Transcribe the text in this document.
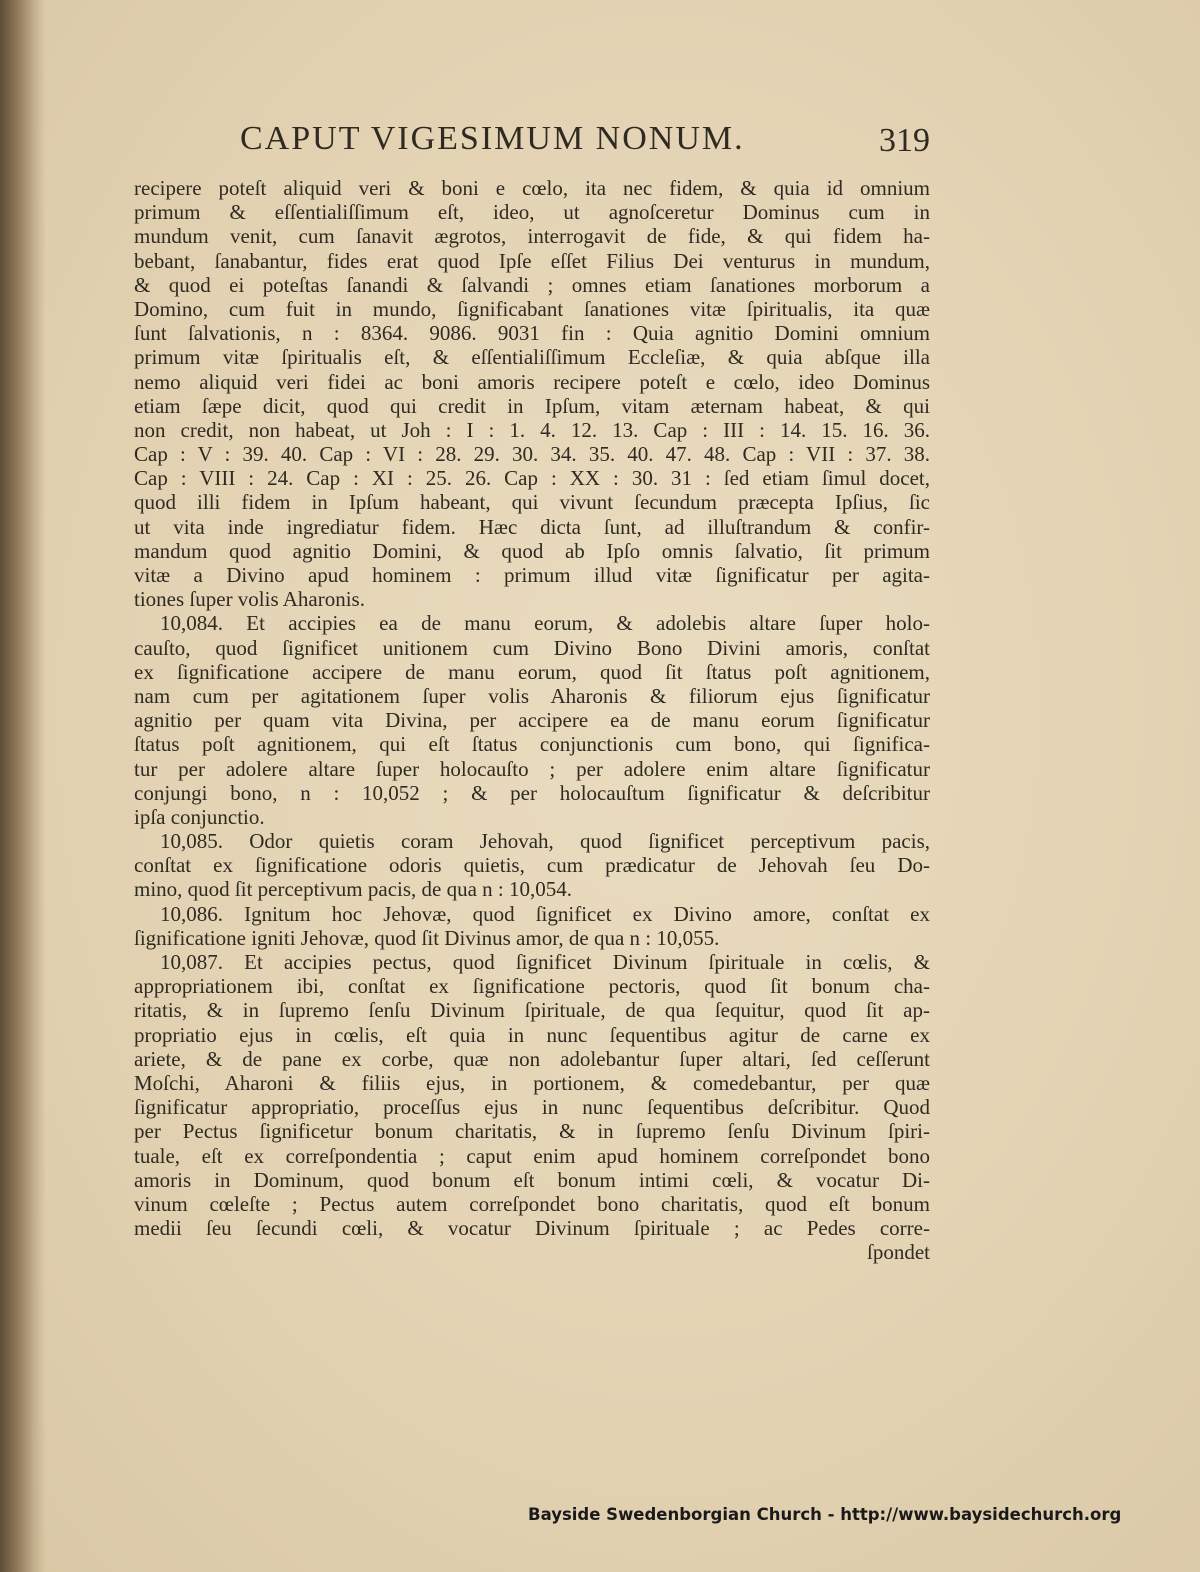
CAPUT VIGESIMUM NONUM.	319
recipere poteſt aliquid veri & boni e cœlo, ita nec fidem, & quia id omnium
primum & eſſentialiſſimum eſt, ideo, ut agnoſceretur Dominus cum in
mundum venit, cum ſanavit ægrotos, interrogavit de fide, & qui fidem ha-
bebant, ſanabantur, fides erat quod Ipſe eſſet Filius Dei venturus in mundum,
& quod ei poteſtas ſanandi & ſalvandi ; omnes etiam ſanationes morborum a
Domino, cum fuit in mundo, ſignificabant ſanationes vitæ ſpiritualis, ita quæ
ſunt ſalvationis, n : 8364. 9086. 9031 fin : Quia agnitio Domini omnium
primum vitæ ſpiritualis eſt, & eſſentialiſſimum Eccleſiæ, & quia abſque illa
nemo aliquid veri fidei ac boni amoris recipere poteſt e cœlo, ideo Dominus
etiam ſæpe dicit, quod qui credit in Ipſum, vitam æternam habeat, & qui
non credit, non habeat, ut Joh : I : 1. 4. 12. 13. Cap : III : 14. 15. 16. 36.
Cap : V : 39. 40. Cap : VI : 28. 29. 30. 34. 35. 40. 47. 48. Cap : VII : 37. 38.
Cap : VIII : 24. Cap : XI : 25. 26. Cap : XX : 30. 31 : ſed etiam ſimul docet,
quod illi fidem in Ipſum habeant, qui vivunt ſecundum præcepta Ipſius, ſic
ut vita inde ingrediatur fidem. Hæc dicta ſunt, ad illuſtrandum & confir-
mandum quod agnitio Domini, & quod ab Ipſo omnis ſalvatio, ſit primum
vitæ a Divino apud hominem : primum illud vitæ ſignificatur per agita-
tiones ſuper volis Aharonis.
10,084. Et accipies ea de manu eorum, & adolebis altare ſuper holo-
cauſto, quod ſignificet unitionem cum Divino Bono Divini amoris, conſtat
ex ſignificatione accipere de manu eorum, quod ſit ſtatus poſt agnitionem,
nam cum per agitationem ſuper volis Aharonis & filiorum ejus ſignificatur
agnitio per quam vita Divina, per accipere ea de manu eorum ſignificatur
ſtatus poſt agnitionem, qui eſt ſtatus conjunctionis cum bono, qui ſignifica-
tur per adolere altare ſuper holocauſto ; per adolere enim altare ſignificatur
conjungi bono, n : 10,052 ; & per holocauſtum ſignificatur & deſcribitur
ipſa conjunctio.
10,085. Odor quietis coram Jehovah, quod ſignificet perceptivum pacis,
conſtat ex ſignificatione odoris quietis, cum prædicatur de Jehovah ſeu Do-
mino, quod ſit perceptivum pacis, de qua n : 10,054.
10,086. Ignitum hoc Jehovæ, quod ſignificet ex Divino amore, conſtat ex
ſignificatione igniti Jehovæ, quod ſit Divinus amor, de qua n : 10,055.
10,087. Et accipies pectus, quod ſignificet Divinum ſpirituale in cœlis, &
appropriationem ibi, conſtat ex ſignificatione pectoris, quod ſit bonum cha-
ritatis, & in ſupremo ſenſu Divinum ſpirituale, de qua ſequitur, quod ſit ap-
propriatio ejus in cœlis, eſt quia in nunc ſequentibus agitur de carne ex
ariete, & de pane ex corbe, quæ non adolebantur ſuper altari, ſed ceſſerunt
Moſchi, Aharoni & filiis ejus, in portionem, & comedebantur, per quæ
ſignificatur appropriatio, proceſſus ejus in nunc ſequentibus deſcribitur. Quod
per Pectus ſignificetur bonum charitatis, & in ſupremo ſenſu Divinum ſpiri-
tuale, eſt ex correſpondentia ; caput enim apud hominem correſpondet bono
amoris in Dominum, quod bonum eſt bonum intimi cœli, & vocatur Di-
vinum cœleſte ; Pectus autem correſpondet bono charitatis, quod eſt bonum
medii ſeu ſecundi cœli, & vocatur Divinum ſpirituale ; ac Pedes corre-
ſpondet
Bayside Swedenborgian Church - http://www.baysidechurch.org
